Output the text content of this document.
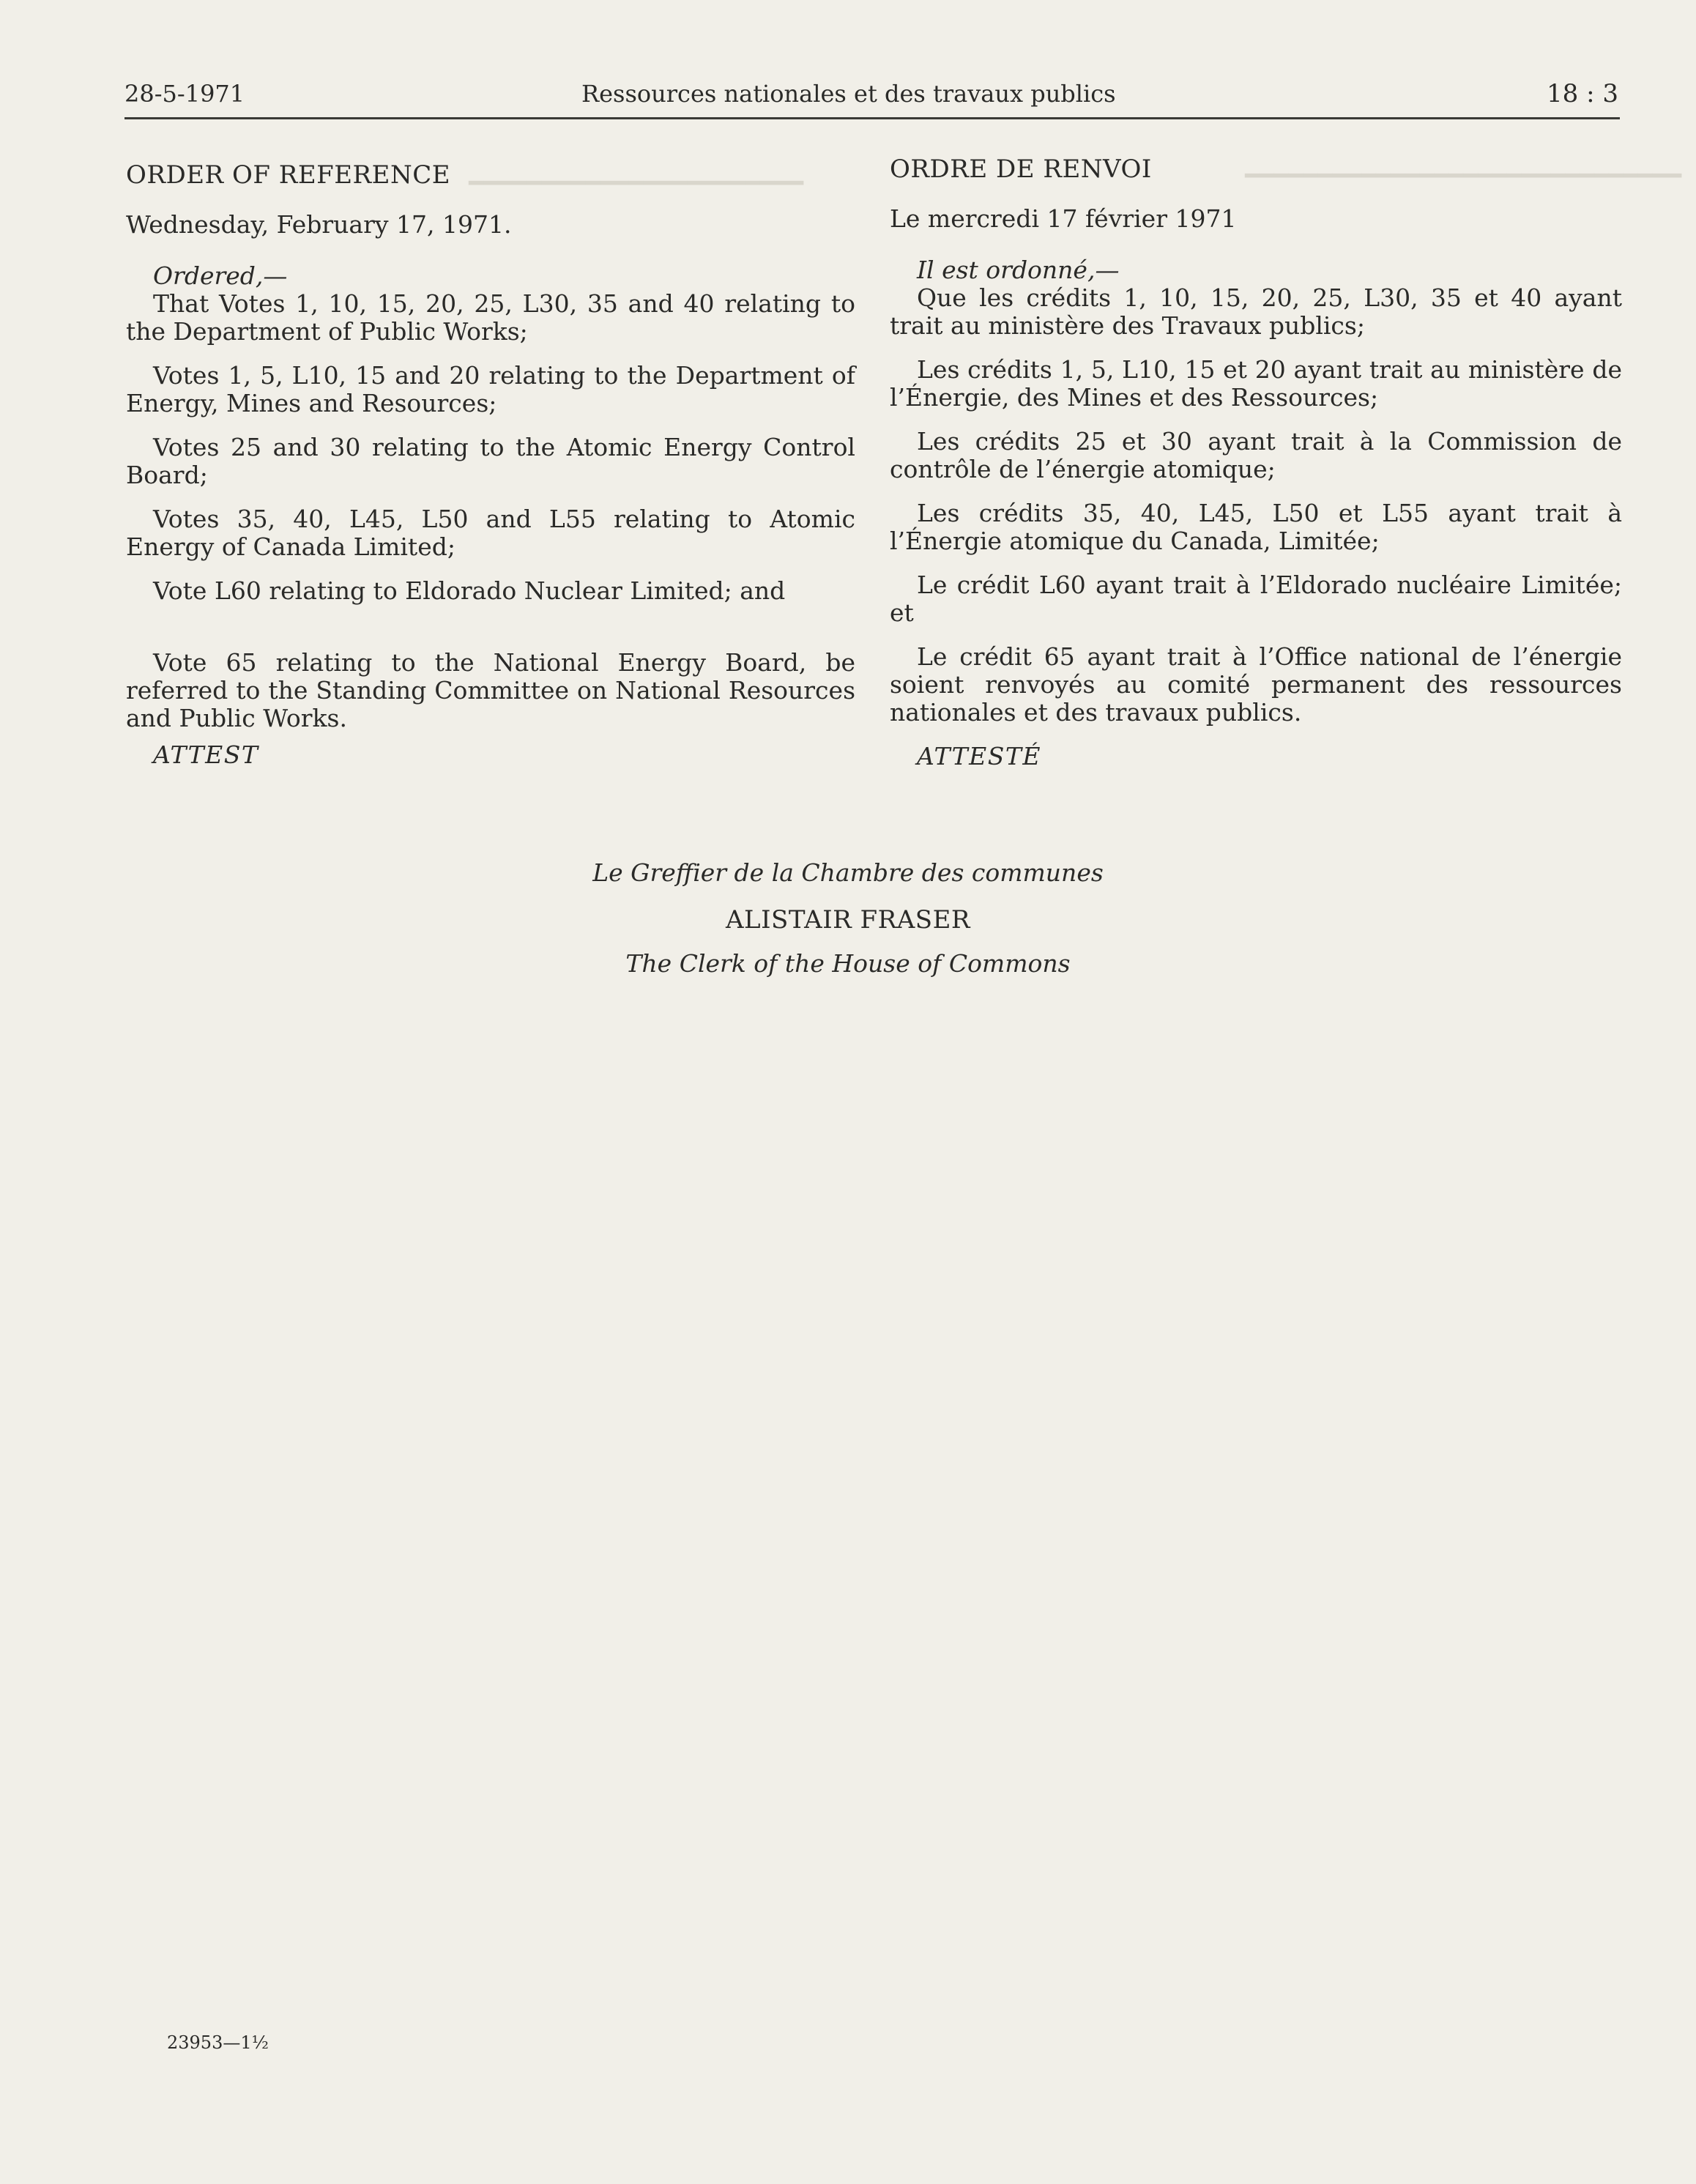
━━━━━━━━━━━━━━━━━━━━━━━━━━━━━━
━━━━━━━━━━━━━━━━━━━━━━━
28-5-1971	Ressources nationales et des travaux publics	18 : 3

ORDER OF REFERENCE

Wednesday, February 17, 1971.

Ordered,—

That Votes 1, 10, 15, 20, 25, L30, 35 and 40 relating to the Department of Public Works;

Votes 1, 5, L10, 15 and 20 relating to the Department of Energy, Mines and Resources;

Votes 25 and 30 relating to the Atomic Energy Control Board;

Votes 35, 40, L45, L50 and L55 relating to Atomic Energy of Canada Limited;

Vote L60 relating to Eldorado Nuclear Limited; and

Vote 65 relating to the National Energy Board, be referred to the Standing Committee on National Resources and Public Works.

ATTEST

ORDRE DE RENVOI

Le mercredi 17 février 1971

Il est ordonné,—

Que les crédits 1, 10, 15, 20, 25, L30, 35 et 40 ayant trait au ministère des Travaux publics;

Les crédits 1, 5, L10, 15 et 20 ayant trait au ministère de l’Énergie, des Mines et des Ressources;

Les crédits 25 et 30 ayant trait à la Commission de contrôle de l’énergie atomique;

Les crédits 35, 40, L45, L50 et L55 ayant trait à l’Énergie atomique du Canada, Limitée;

Le crédit L60 ayant trait à l’Eldorado nucléaire Limitée; et

Le crédit 65 ayant trait à l’Office national de l’énergie soient renvoyés au comité permanent des ressources nationales et des travaux publics.

ATTESTÉ

Le Greffier de la Chambre des communes
ALISTAIR FRASER
The Clerk of the House of Commons
23953—1½
